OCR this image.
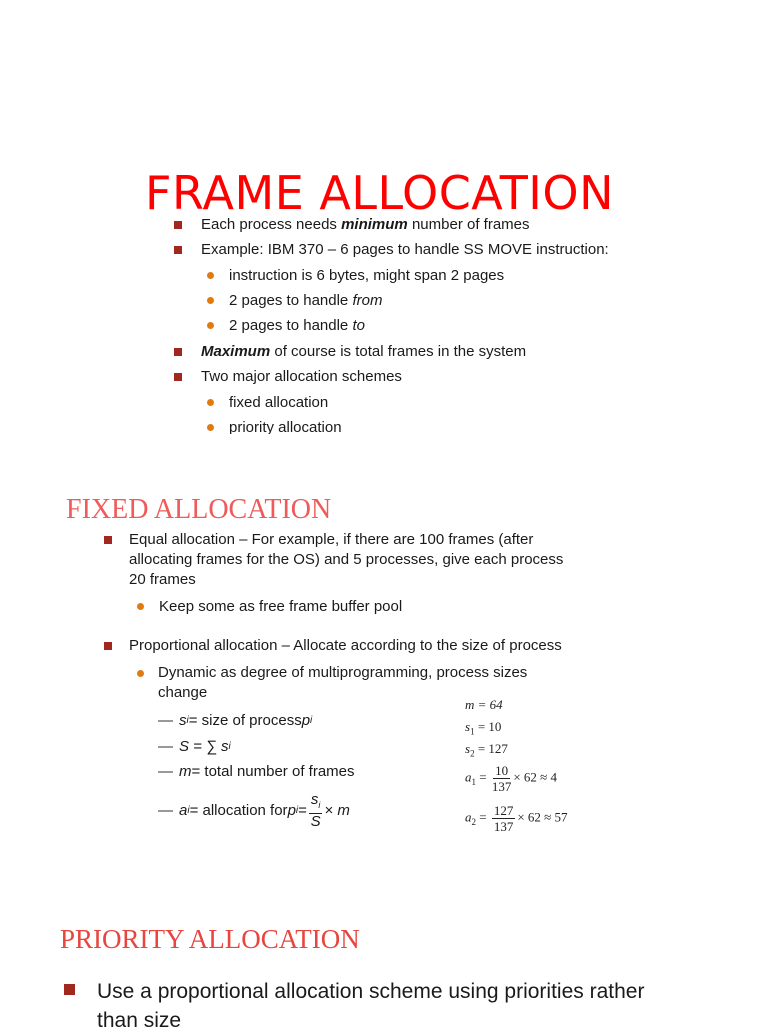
FRAME ALLOCATION
Each process needs minimum number of frames
Example: IBM 370 – 6 pages to handle SS MOVE instruction:
instruction is 6 bytes, might span 2 pages
2 pages to handle from
2 pages to handle to
Maximum of course is total frames in the system
Two major allocation schemes
fixed allocation
priority allocation
FIXED ALLOCATION
Equal allocation – For example, if there are 100 frames (after
allocating frames for the OS) and 5 processes, give each process
20 frames
Keep some as free frame buffer pool
Proportional allocation – Allocate according to the size of process
Dynamic as degree of multiprogramming, process sizes
change
— s i = size of process p i
— S = ∑ s i
— m = total number of frames
— a i = allocation for p $i = \frac{s_i}{S} \times m$
m = 64
$s_1 = 10$
$s_2 = 127$
$a_1 = \frac{10}{137} \times 62 \approx 4$
$a_2 = \frac{127}{137} \times 62 \approx 57$
PRIORITY ALLOCATION
Use a proportional allocation scheme using priorities rather
than size
